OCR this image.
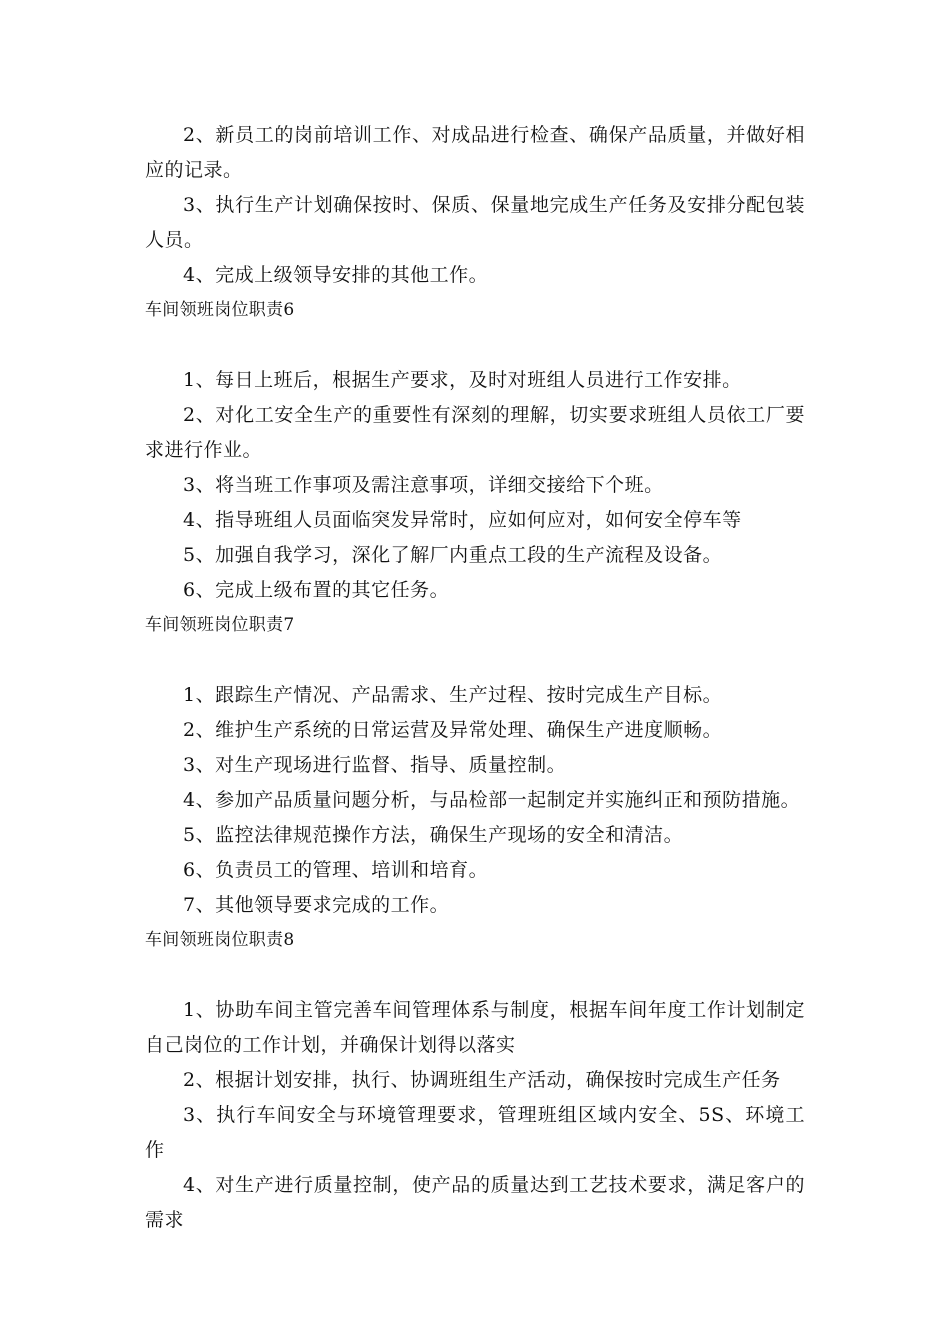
2、新员工的岗前培训工作、对成品进行检查、确保产品质量，并做好相应的记录。

3、执行生产计划确保按时、保质、保量地完成生产任务及安排分配包装人员。

4、完成上级领导安排的其他工作。

车间领班岗位职责6

1、每日上班后，根据生产要求，及时对班组人员进行工作安排。

2、对化工安全生产的重要性有深刻的理解，切实要求班组人员依工厂要求进行作业。

3、将当班工作事项及需注意事项，详细交接给下个班。

4、指导班组人员面临突发异常时，应如何应对，如何安全停车等

5、加强自我学习，深化了解厂内重点工段的生产流程及设备。

6、完成上级布置的其它任务。

车间领班岗位职责7

1、跟踪生产情况、产品需求、生产过程、按时完成生产目标。

2、维护生产系统的日常运营及异常处理、确保生产进度顺畅。

3、对生产现场进行监督、指导、质量控制。

4、参加产品质量问题分析，与品检部一起制定并实施纠正和预防措施。

5、监控法律规范操作方法，确保生产现场的安全和清洁。

6、负责员工的管理、培训和培育。

7、其他领导要求完成的工作。

车间领班岗位职责8

1、协助车间主管完善车间管理体系与制度，根据车间年度工作计划制定自己岗位的工作计划，并确保计划得以落实

2、根据计划安排，执行、协调班组生产活动，确保按时完成生产任务

3、执行车间安全与环境管理要求，管理班组区域内安全、5S、环境工作

4、对生产进行质量控制，使产品的质量达到工艺技术要求，满足客户的需求
